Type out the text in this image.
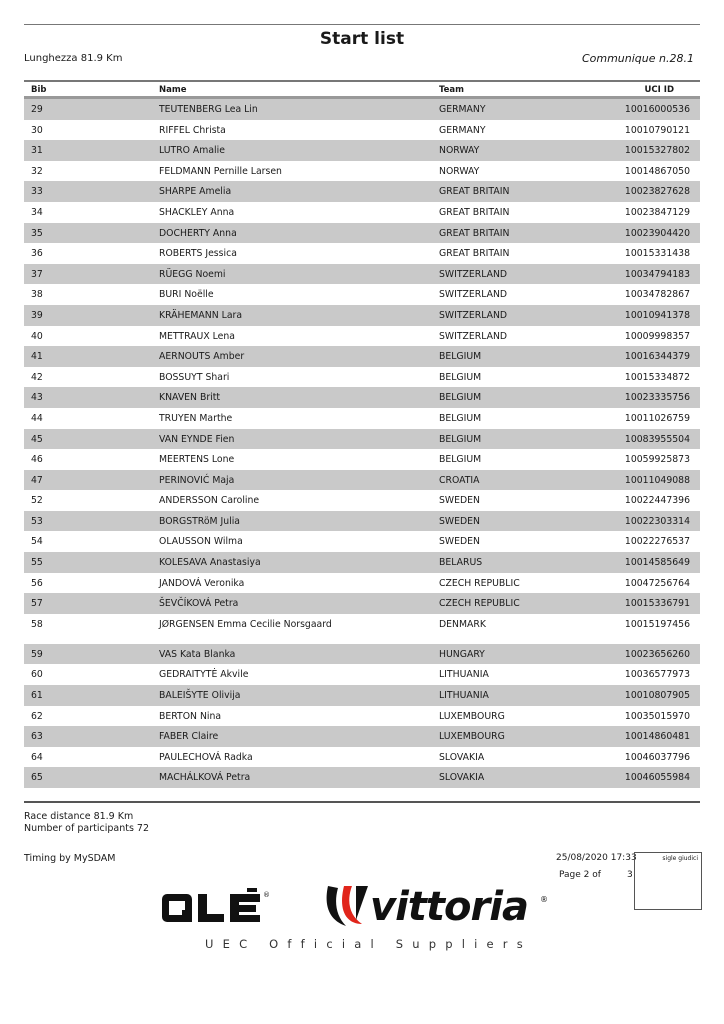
Start list
Lunghezza 81.9 Km	Communique n.28.1
Bib	Name	Team	UCI ID
29	TEUTENBERG Lea Lin	GERMANY	10016000536
30	RIFFEL Christa	GERMANY	10010790121
31	LUTRO Amalie	NORWAY	10015327802
32	FELDMANN Pernille Larsen	NORWAY	10014867050
33	SHARPE Amelia	GREAT BRITAIN	10023827628
34	SHACKLEY Anna	GREAT BRITAIN	10023847129
35	DOCHERTY Anna	GREAT BRITAIN	10023904420
36	ROBERTS Jessica	GREAT BRITAIN	10015331438
37	RÜEGG Noemi	SWITZERLAND	10034794183
38	BURI Noëlle	SWITZERLAND	10034782867
39	KRÄHEMANN Lara	SWITZERLAND	10010941378
40	METTRAUX Lena	SWITZERLAND	10009998357
41	AERNOUTS Amber	BELGIUM	10016344379
42	BOSSUYT Shari	BELGIUM	10015334872
43	KNAVEN Britt	BELGIUM	10023335756
44	TRUYEN Marthe	BELGIUM	10011026759
45	VAN EYNDE Fien	BELGIUM	10083955504
46	MEERTENS Lone	BELGIUM	10059925873
47	PERINOVIĆ Maja	CROATIA	10011049088
52	ANDERSSON Caroline	SWEDEN	10022447396
53	BORGSTRöM Julia	SWEDEN	10022303314
54	OLAUSSON Wilma	SWEDEN	10022276537
55	KOLESAVA Anastasiya	BELARUS	10014585649
56	JANDOVÁ Veronika	CZECH REPUBLIC	10047256764
57	ŠEVČÍKOVÁ Petra	CZECH REPUBLIC	10015336791
58	JØRGENSEN Emma Cecilie Norsgaard	DENMARK	10015197456
59	VAS Kata Blanka	HUNGARY	10023656260
60	GEDRAITYTĖ Akvile	LITHUANIA	10036577973
61	BALEIŠYTE Olivija	LITHUANIA	10010807905
62	BERTON Nina	LUXEMBOURG	10035015970
63	FABER Claire	LUXEMBOURG	10014860481
64	PAULECHOVÁ Radka	SLOVAKIA	10046037796
65	MACHÁLKOVÁ Petra	SLOVAKIA	10046055984
Race distance 81.9 Km
Number of participants 72
Timing by MySDAM	25/08/2020 17:33
Page 2 of	3
sigle giudici
®	vittoria ®
UEC Official Suppliers
